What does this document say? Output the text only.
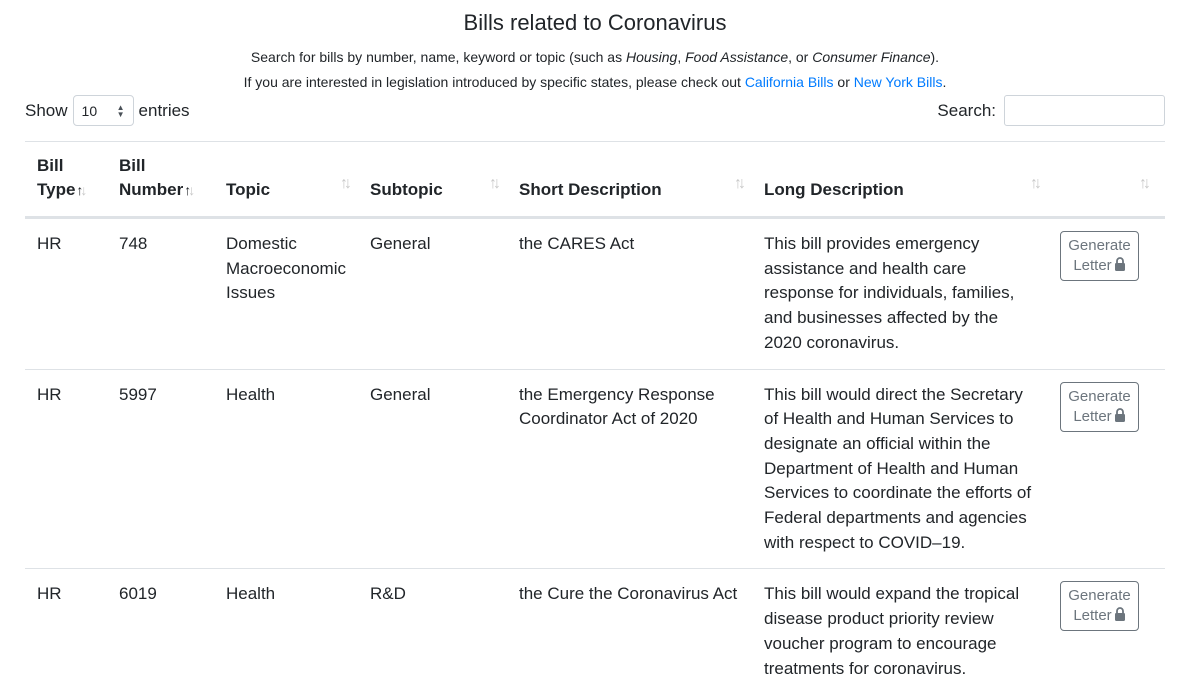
Bills related to Coronavirus
Search for bills by number, name, keyword or topic (such as Housing, Food Assistance, or Consumer Finance).
If you are interested in legislation introduced by specific states, please check out California Bills or New York Bills.
Show 10 ▲
▼ entries	Search:
Bill
Type↑↓	Bill
Number↑↓	Topic ↑↓	Subtopic ↑↓	Short Description ↑↓	Long Description ↑↓	↑↓

HR	748	Domestic Macroeconomic Issues	General	the CARES Act	This bill provides emergency assistance and health care response for individuals, families, and businesses affected by the 2020 coronavirus.	Generate
Letter

HR	5997	Health	General	the Emergency Response Coordinator Act of 2020	This bill would direct the Secretary of Health and Human Services to designate an official within the Department of Health and Human Services to coordinate the efforts of Federal departments and agencies with respect to COVID–19.	Generate
Letter

HR	6019	Health	R&D	the Cure the Coronavirus Act	This bill would expand the tropical disease product priority review voucher program to encourage treatments for coronavirus.	Generate
Letter
